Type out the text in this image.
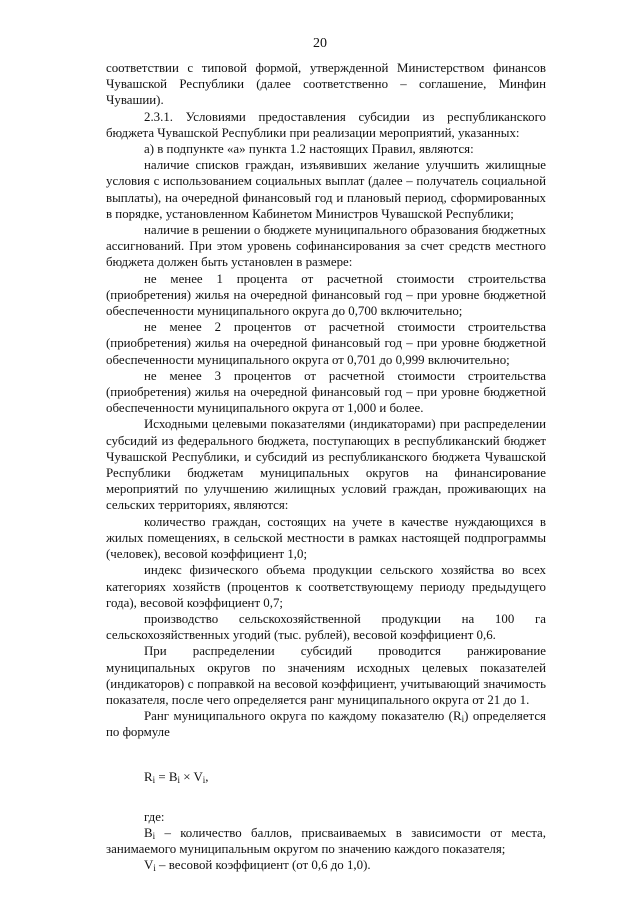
20

соответствии с типовой формой, утвержденной Министерством финансов Чувашской Республики (далее соответственно – соглашение, Минфин Чувашии).

2.3.1. Условиями предоставления субсидии из республиканского бюджета Чувашской Республики при реализации мероприятий, указанных:

а) в подпункте «а» пункта 1.2 настоящих Правил, являются:

наличие списков граждан, изъявивших желание улучшить жилищные условия с использованием социальных выплат (далее – получатель социальной выплаты), на очередной финансовый год и плановый период, сформированных в порядке, установленном Кабинетом Министров Чувашской Республики;

наличие в решении о бюджете муниципального образования бюджетных ассигнований. При этом уровень софинансирования за счет средств местного бюджета должен быть установлен в размере:

не менее 1 процента от расчетной стоимости строительства (приобретения) жилья на очередной финансовый год – при уровне бюджетной обеспеченности муниципального округа до 0,700 включительно;

не менее 2 процентов от расчетной стоимости строительства (приобретения) жилья на очередной финансовый год – при уровне бюджетной обеспеченности муниципального округа от 0,701 до 0,999 включительно;

не менее 3 процентов от расчетной стоимости строительства (приобретения) жилья на очередной финансовый год – при уровне бюджетной обеспеченности муниципального округа от 1,000 и более.

Исходными целевыми показателями (индикаторами) при распределении субсидий из федерального бюджета, поступающих в республиканский бюджет Чувашской Республики, и субсидий из республиканского бюджета Чувашской Республики бюджетам муниципальных округов на финансирование мероприятий по улучшению жилищных условий граждан, проживающих на сельских территориях, являются:

количество граждан, состоящих на учете в качестве нуждающихся в жилых помещениях, в сельской местности в рамках настоящей подпрограммы (человек), весовой коэффициент 1,0;

индекс физического объема продукции сельского хозяйства во всех категориях хозяйств (процентов к соответствующему периоду предыдущего года), весовой коэффициент 0,7;

производство сельскохозяйственной продукции на 100 га сельскохозяйственных угодий (тыс. рублей), весовой коэффициент 0,6.

При распределении субсидий проводится ранжирование муниципальных округов по значениям исходных целевых показателей (индикаторов) с поправкой на весовой коэффициент, учитывающий значимость показателя, после чего определяется ранг муниципального округа от 21 до 1.

Ранг муниципального округа по каждому показателю $(R_i)$ определяется по формуле

$R_i = B_i \times V_i$,

где:

$B_i$ – количество баллов, присваиваемых в зависимости от места, занимаемого муниципальным округом по значению каждого показателя;

$V_i$ – весовой коэффициент (от 0,6 до 1,0).
